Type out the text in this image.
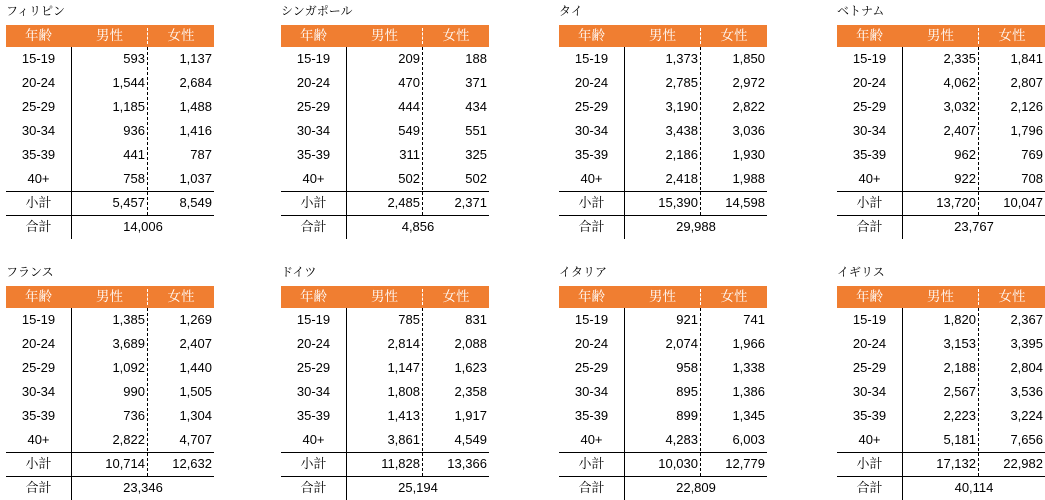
フィリピン
年齢	男性	女性
15-19	593	1,137
20-24	1,544	2,684
25-29	1,185	1,488
30-34	936	1,416
35-39	441	787
40+	758	1,037
小計	5,457	8,549
合計	14,006
シンガポール
年齢	男性	女性
15-19	209	188
20-24	470	371
25-29	444	434
30-34	549	551
35-39	311	325
40+	502	502
小計	2,485	2,371
合計	4,856
タイ
年齢	男性	女性
15-19	1,373	1,850
20-24	2,785	2,972
25-29	3,190	2,822
30-34	3,438	3,036
35-39	2,186	1,930
40+	2,418	1,988
小計	15,390	14,598
合計	29,988
ベトナム
年齢	男性	女性
15-19	2,335	1,841
20-24	4,062	2,807
25-29	3,032	2,126
30-34	2,407	1,796
35-39	962	769
40+	922	708
小計	13,720	10,047
合計	23,767
フランス
年齢	男性	女性
15-19	1,385	1,269
20-24	3,689	2,407
25-29	1,092	1,440
30-34	990	1,505
35-39	736	1,304
40+	2,822	4,707
小計	10,714	12,632
合計	23,346
ドイツ
年齢	男性	女性
15-19	785	831
20-24	2,814	2,088
25-29	1,147	1,623
30-34	1,808	2,358
35-39	1,413	1,917
40+	3,861	4,549
小計	11,828	13,366
合計	25,194
イタリア
年齢	男性	女性
15-19	921	741
20-24	2,074	1,966
25-29	958	1,338
30-34	895	1,386
35-39	899	1,345
40+	4,283	6,003
小計	10,030	12,779
合計	22,809
イギリス
年齢	男性	女性
15-19	1,820	2,367
20-24	3,153	3,395
25-29	2,188	2,804
30-34	2,567	3,536
35-39	2,223	3,224
40+	5,181	7,656
小計	17,132	22,982
合計	40,114
